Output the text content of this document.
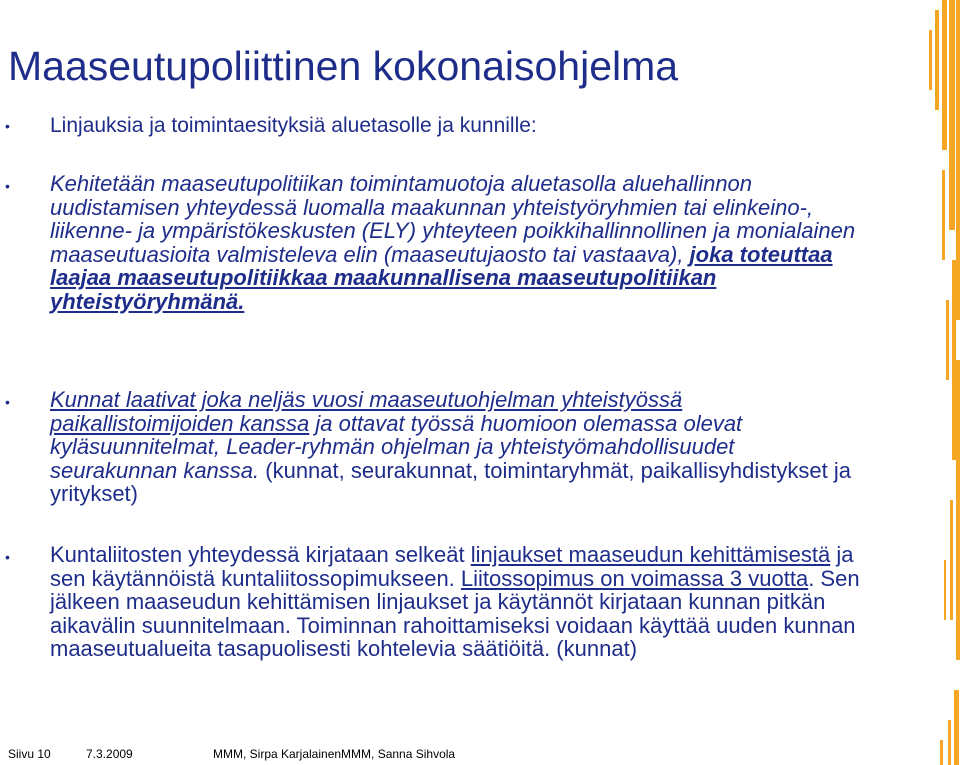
Maaseutupoliittinen kokonaisohjelma
• Linjauksia ja toimintaesityksiä aluetasolle ja kunnille:

• Kehitetään maaseutupolitiikan toimintamuotoja aluetasolla aluehallinnon uudistamisen yhteydessä luomalla maakunnan yhteistyöryhmien tai elinkeino-, liikenne- ja ympäristökeskusten (ELY) yhteyteen poikkihallinnollinen ja monialainen maaseutuasioita valmisteleva elin (maaseutujaosto tai vastaava), joka toteuttaa laajaa maaseutupolitiikkaa maakunnallisena maaseutupolitiikan yhteistyöryhmänä.

• Kunnat laativat joka neljäs vuosi maaseutuohjelman yhteistyössä paikallistoimijoiden kanssa ja ottavat työssä huomioon olemassa olevat kyläsuunnitelmat, Leader-ryhmän ohjelman ja yhteistyömahdollisuudet seurakunnan kanssa. (kunnat, seurakunnat, toimintaryhmät, paikallisyhdistykset ja yritykset)

• Kuntaliitosten yhteydessä kirjataan selkeät linjaukset maaseudun kehittämisestä ja sen käytännöistä kuntaliitossopimukseen. Liitossopimus on voimassa 3 vuotta. Sen jälkeen maaseudun kehittämisen linjaukset ja käytännöt kirjataan kunnan pitkän aikavälin suunnitelmaan. Toiminnan rahoittamiseksi voidaan käyttää uuden kunnan maaseutualueita tasapuolisesti kohtelevia säätiöitä. (kunnat)

Siivu 10	7.3.2009	MMM, Sirpa KarjalainenMMM, Sanna Sihvola
